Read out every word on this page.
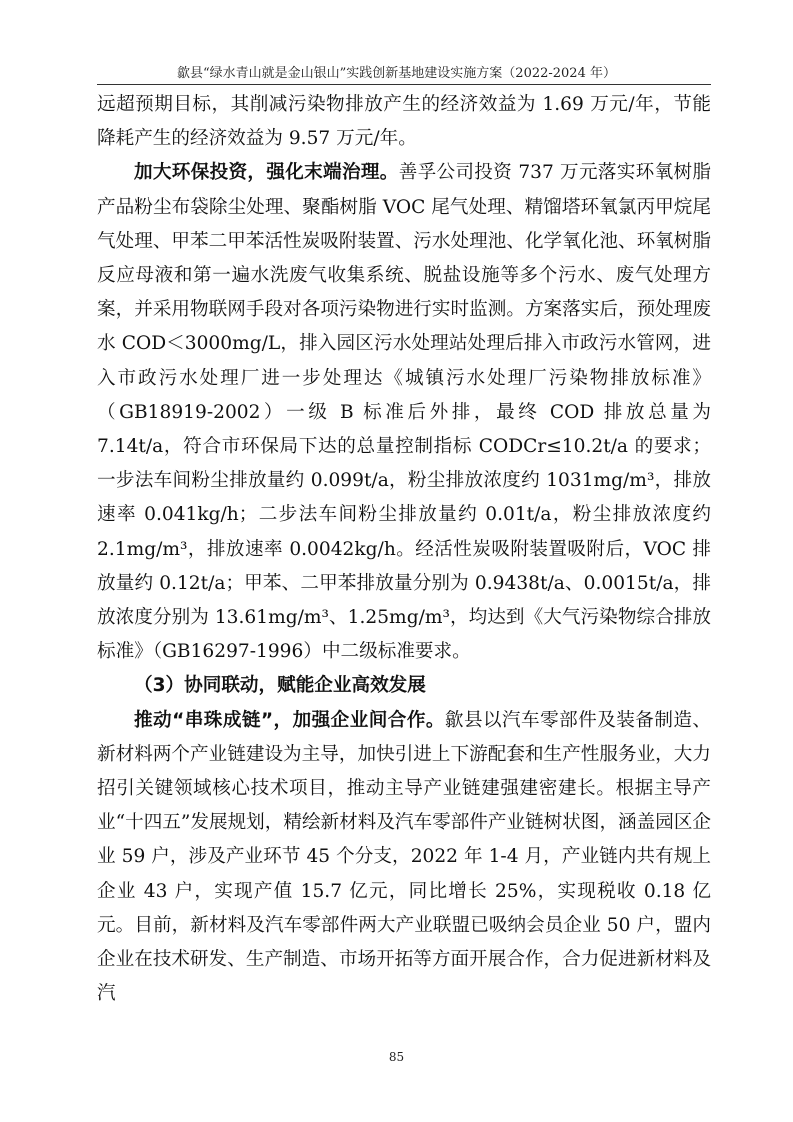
歙县“绿水青山就是金山银山”实践创新基地建设实施方案（2022-2024 年）

远超预期目标，其削减污染物排放产生的经济效益为 1.69 万元/年，节能降耗产生的经济效益为 9.57 万元/年。

加大环保投资，强化末端治理。善孚公司投资 737 万元落实环氧树脂产品粉尘布袋除尘处理、聚酯树脂 VOC 尾气处理、精馏塔环氧氯丙甲烷尾气处理、甲苯二甲苯活性炭吸附装置、污水处理池、化学氧化池、环氧树脂反应母液和第一遍水洗废气收集系统、脱盐设施等多个污水、废气处理方案，并采用物联网手段对各项污染物进行实时监测。方案落实后，预处理废水 COD＜3000mg/L，排入园区污水处理站处理后排入市政污水管网，进入市政污水处理厂进一步处理达《城镇污水处理厂污染物排放标准》（GB18919-2002）一级 B 标准后外排，最终 COD 排放总量为 7.14t/a，符合市环保局下达的总量控制指标 CODCr≤10.2t/a 的要求；一步法车间粉尘排放量约 0.099t/a，粉尘排放浓度约 1031mg/m³，排放速率 0.041kg/h；二步法车间粉尘排放量约 0.01t/a，粉尘排放浓度约 2.1mg/m³，排放速率 0.0042kg/h。经活性炭吸附装置吸附后，VOC 排放量约 0.12t/a；甲苯、二甲苯排放量分别为 0.9438t/a、0.0015t/a，排放浓度分别为 13.61mg/m³、1.25mg/m³，均达到《大气污染物综合排放标准》（GB16297-1996）中二级标准要求。

（3）协同联动，赋能企业高效发展

推动“串珠成链”，加强企业间合作。歙县以汽车零部件及装备制造、新材料两个产业链建设为主导，加快引进上下游配套和生产性服务业，大力招引关键领域核心技术项目，推动主导产业链建强建密建长。根据主导产业“十四五”发展规划，精绘新材料及汽车零部件产业链树状图，涵盖园区企业 59 户，涉及产业环节 45 个分支，2022 年 1-4 月，产业链内共有规上企业 43 户，实现产值 15.7 亿元，同比增长 25%，实现税收 0.18 亿元。目前，新材料及汽车零部件两大产业联盟已吸纳会员企业 50 户，盟内企业在技术研发、生产制造、市场开拓等方面开展合作，合力促进新材料及汽

85
